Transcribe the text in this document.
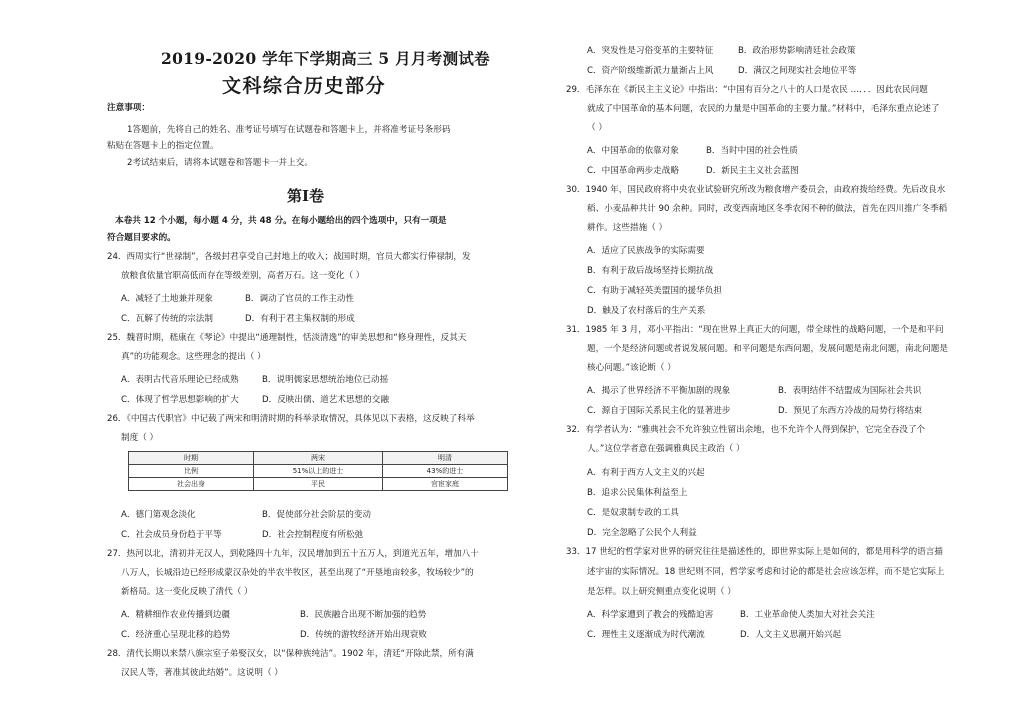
2019-2020 学年下学期高三 5 月月考测试卷
文科综合历史部分
注意事项：
1答题前，先将自己的姓名、准考证号填写在试题卷和答题卡上，并将准考证号条形码
粘贴在答题卡上的指定位置。
2考试结束后，请将本试题卷和答题卡一并上交。
第Ⅰ卷
本卷共 12 个小题，每小题 4 分，共 48 分。在每小题给出的四个选项中，只有一项是
符合题目要求的。
24．西周实行“世禄制”，各级封君享受自己封地上的收入；战国时期，官员大都实行俸禄制，发
放粮食依量官职高低而存在等级差别，高者万石。这一变化（ ）
A．减轻了土地兼并现象	B．调动了官员的工作主动性
C．瓦解了传统的宗法制	D．有利于君主集权制的形成
25．魏晋时期，嵇康在《琴论》中提出“通理制性，恬淡清逸”的审美思想和“修身理性，反其天
真”的功能观念。这些理念的提出（ ）
A．表明古代音乐理论已经成熟	B．说明儒家思想统治地位已动摇
C．体现了哲学思想影响的扩大	D．反映出儒、道艺术思想的交融
26．《中国古代职官》中记载了两宋和明清时期的科举录取情况，具体见以下表格，这反映了科举
制度（ ）
时期	两宋	明清
比例	51%以上的进士	43%的进士
社会出身	平民	官宦家庭
A．德门第观念淡化	B．促使部分社会阶层的变动
C．社会成员身份趋于平等	D．社会控制程度有所松弛
27．热河以北，清初并无汉人，到乾隆四十九年，汉民增加到五十五万人，到道光五年，增加八十
八万人，长城沿边已经形成蒙汉杂处的半农半牧区，甚至出现了“开垦地亩较多，牧场较少”的
新格局。这一变化反映了清代（ ）
A．精耕细作农业传播到边疆	B．民族融合出现不断加强的趋势
C．经济重心呈现北移的趋势	D．传统的游牧经济开始出现衰败
28．清代长期以来禁八旗宗室子弟娶汉女，以“保种族纯洁”。1902 年，清廷“开除此禁，所有满
汉民人等，著准其彼此结婚”。这说明（ ）
A．突发性是习俗变革的主要特征	B．政治形势影响清廷社会政策
C．资产阶级维新派力量渐占上风	D．满汉之间现实社会地位平等
29．毛泽东在《新民主主义论》中指出：“中国有百分之八十的人口是农民 …．．．因此农民问题
就成了中国革命的基本问题，农民的力量是中国革命的主要力量。”材料中，毛泽东重点论述了
（ ）
A．中国革命的依靠对象	B．当时中国的社会性质
C．中国革命两步走战略	D．新民主主义社会蓝图
30．1940 年，国民政府将中央农业试验研究所改为粮食增产委员会，由政府拨给经费。先后改良水
稻、小麦品种共计 90 余种。同时，改变西南地区冬季农闲不种的做法，首先在四川推广冬季稻
耕作。这些措施（ ）
A．适应了民族战争的实际需要
B．有利于敌后战场坚持长期抗战
C．有助于减轻英美盟国的援华负担
D．触及了农村落后的生产关系
31．1985 年 3 月，邓小平指出：“现在世界上真正大的问题，带全球性的战略问题，一个是和平问
题，一个是经济问题或者说发展问题。和平问题是东西问题，发展问题是南北问题，南北问题是
核心问题。”该论断（ ）
A．揭示了世界经济不平衡加剧的现象	B．表明结伴不结盟成为国际社会共识
C．源自于国际关系民主化的显著进步	D．预见了东西方冷战的局势行将结束
32．有学者认为：“雅典社会不允许独立性留出余地，也不允许个人得到保护，它完全吞没了个
人。”这位学者意在强调雅典民主政治（ ）
A．有利于西方人文主义的兴起
B．追求公民集体利益至上
C．是奴隶制专政的工具
D．完全忽略了公民个人利益
33．17 世纪的哲学家对世界的研究往往是描述性的，即世界实际上是如何的，都是用科学的语言描
述宇宙的实际情况。18 世纪则不同，哲学家考虑和讨论的都是社会应该怎样，而不是它实际上
是怎样。以上研究侧重点变化说明（ ）
A．科学家遭到了教会的残酷迫害	B．工业革命使人类加大对社会关注
C．理性主义逐渐成为时代潮流	D．人文主义思潮开始兴起
